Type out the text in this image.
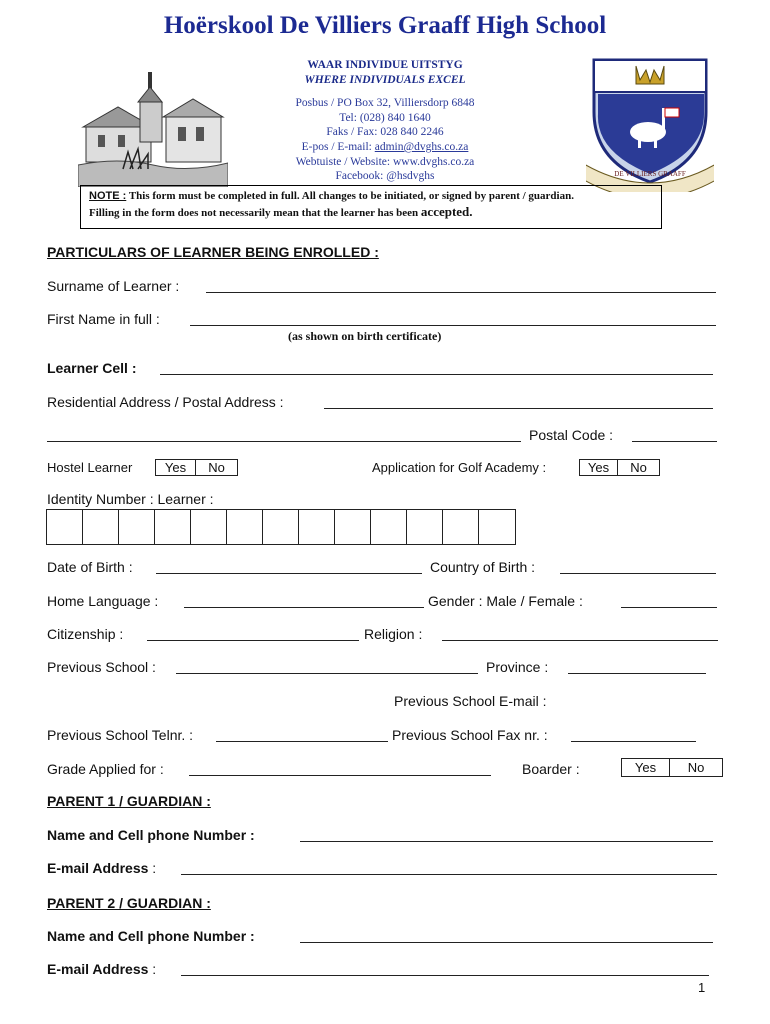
Hoërskool De Villiers Graaff High School
WAAR INDIVIDUE UITSTYG
WHERE INDIVIDUALS EXCEL
Posbus / PO Box 32, Villiersdorp 6848
Tel: (028) 840 1640
Faks / Fax: 028 840 2246
E-pos / E-mail: admin@dvghs.co.za
Webtuiste / Website: www.dvghs.co.za
Facebook: @hsdvghs	DE VILLIERS GRAAFF
NOTE : This form must be completed in full. All changes to be initiated, or signed by parent / guardian.
Filling in the form does not necessarily mean that the learner has been accepted.
PARTICULARS OF LEARNER BEING ENROLLED :
Surname of Learner :
First Name in full :
(as shown on birth certificate)
Learner Cell :
Residential Address / Postal Address :
Postal Code :
Hostel Learner	Yes	No	Application for Golf Academy :	Yes	No
Identity Number : Learner :
Date of Birth :	Country of Birth :
Home Language :	Gender : Male / Female :
Citizenship :	Religion :
Previous School :	Province :
Previous School E-mail :
Previous School Telnr. :	Previous School Fax nr. :
Grade Applied for :	Boarder :	Yes	No
PARENT 1 / GUARDIAN :
Name and Cell phone Number :
E-mail Address :
PARENT 2 / GUARDIAN :
Name and Cell phone Number :
E-mail Address :
1
